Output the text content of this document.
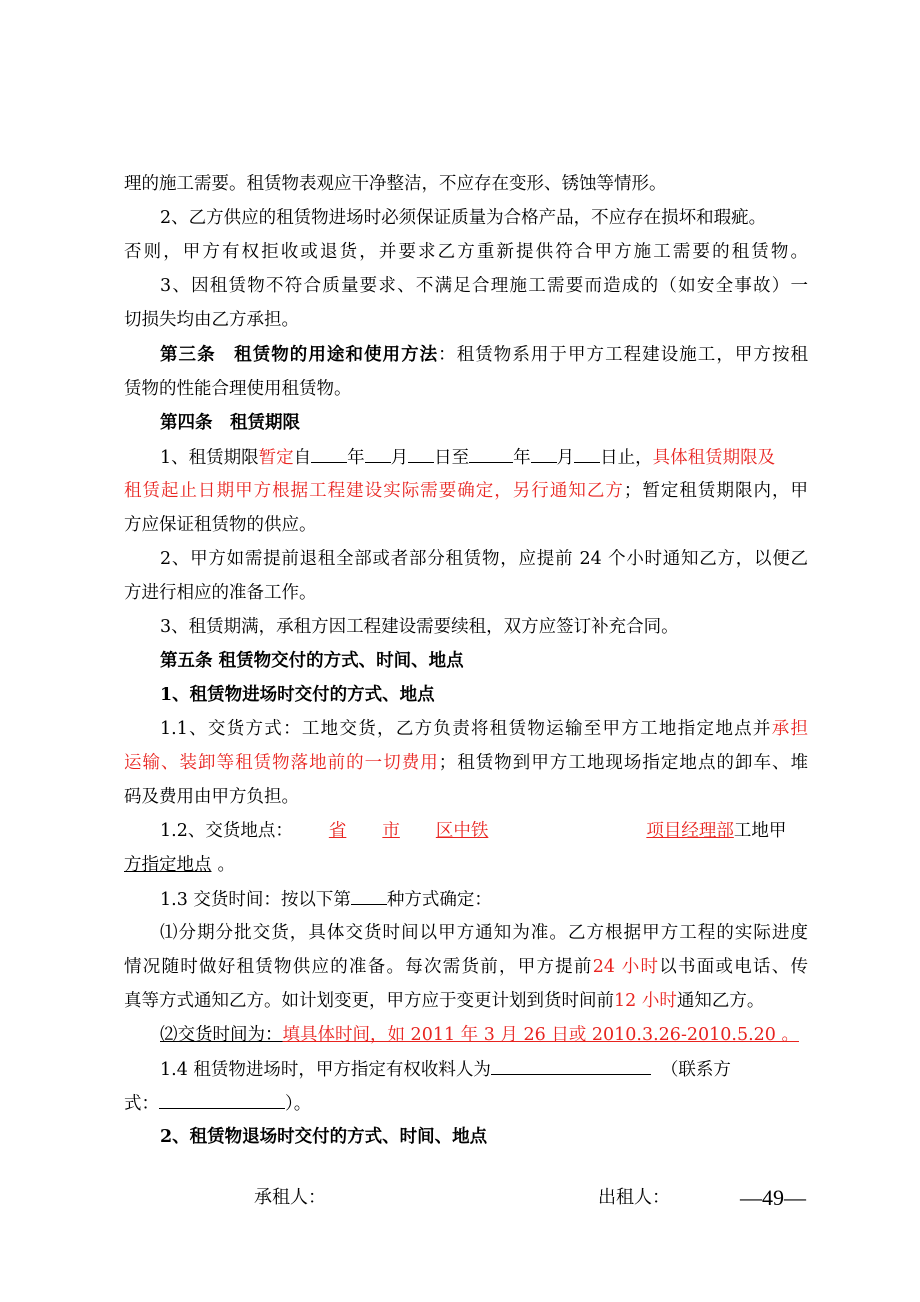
理的施工需要。租赁物表观应干净整洁，不应存在变形、锈蚀等情形。
2、乙方供应的租赁物进场时必须保证质量为合格产品，不应存在损坏和瑕疵。
否则，甲方有权拒收或退货，并要求乙方重新提供符合甲方施工需要的租赁物。
3、因租赁物不符合质量要求、不满足合理施工需要而造成的（如安全事故）一
切损失均由乙方承担。
第三条　租赁物的用途和使用方法：租赁物系用于甲方工程建设施工，甲方按租
赁物的性能合理使用租赁物。
第四条　租赁期限
1、租赁期限暂定自 年 月 日至	年 月 日止，具体租赁期限及
租赁起止日期甲方根据工程建设实际需要确定，另行通知乙方；暂定租赁期限内，甲
方应保证租赁物的供应。
2、甲方如需提前退租全部或者部分租赁物，应提前 24 个小时通知乙方，以便乙
方进行相应的准备工作。
3、租赁期满，承租方因工程建设需要续租，双方应签订补充合同。
第五条 租赁物交付的方式、时间、地点
1、租赁物进场时交付的方式、地点
1.1、交货方式：工地交货，乙方负责将租赁物运输至甲方工地指定地点并承担
运输、装卸等租赁物落地前的一切费用；租赁物到甲方工地现场指定地点的卸车、堆
码及费用由甲方负担。
1.2、交货地点： 省 市 区中铁	项目经理部工地甲
方指定地点 。
1.3 交货时间：按以下第 种方式确定：
⑴分期分批交货，具体交货时间以甲方通知为准。乙方根据甲方工程的实际进度
情况随时做好租赁物供应的准备。每次需货前，甲方提前24 小时以书面或电话、传
真等方式通知乙方。如计划变更，甲方应于变更计划到货时间前12 小时通知乙方。
⑵交货时间为：填具体时间，如 2011 年 3 月 26 日或 2010.3.26-2010.5.20 。
1.4 租赁物进场时，甲方指定有权收料人为	（联系方
式：	）。
2、租赁物退场时交付的方式、时间、地点
承租人：	出租人：	—49—
